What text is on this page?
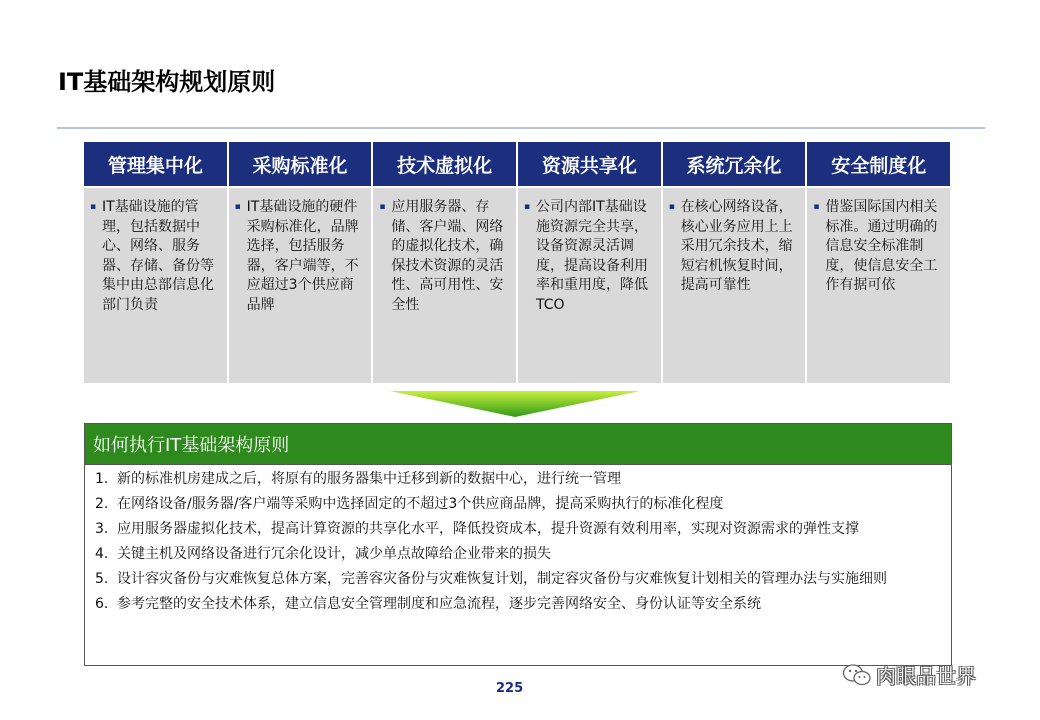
IT基础架构规划原则
管理集中化
▪ IT基础设施的管理，包括数据中心、网络、服务器、存储、备份等集中由总部信息化部门负责
采购标准化
▪ IT基础设施的硬件采购标准化，品牌选择，包括服务器，客户端等，不应超过3个供应商品牌
技术虚拟化
▪ 应用服务器、存储、客户端、网络的虚拟化技术，确保技术资源的灵活性、高可用性、安全性
资源共享化
▪ 公司内部IT基础设施资源完全共享，设备资源灵活调度，提高设备利用率和重用度，降低TCO
系统冗余化
▪ 在核心网络设备，核心业务应用上上采用冗余技术，缩短宕机恢复时间，提高可靠性
安全制度化
▪ 借鉴国际国内相关标准。通过明确的信息安全标准制度，使信息安全工作有据可依
如何执行IT基础架构原则
1. 新的标准机房建成之后，将原有的服务器集中迁移到新的数据中心，进行统一管理
2. 在网络设备/服务器/客户端等采购中选择固定的不超过3个供应商品牌，提高采购执行的标准化程度
3. 应用服务器虚拟化技术，提高计算资源的共享化水平，降低投资成本，提升资源有效利用率，实现对资源需求的弹性支撑
4. 关键主机及网络设备进行冗余化设计，减少单点故障给企业带来的损失
5. 设计容灾备份与灾难恢复总体方案，完善容灾备份与灾难恢复计划，制定容灾备份与灾难恢复计划相关的管理办法与实施细则
6. 参考完整的安全技术体系，建立信息安全管理制度和应急流程，逐步完善网络安全、身份认证等安全系统
225
肉眼品世界
